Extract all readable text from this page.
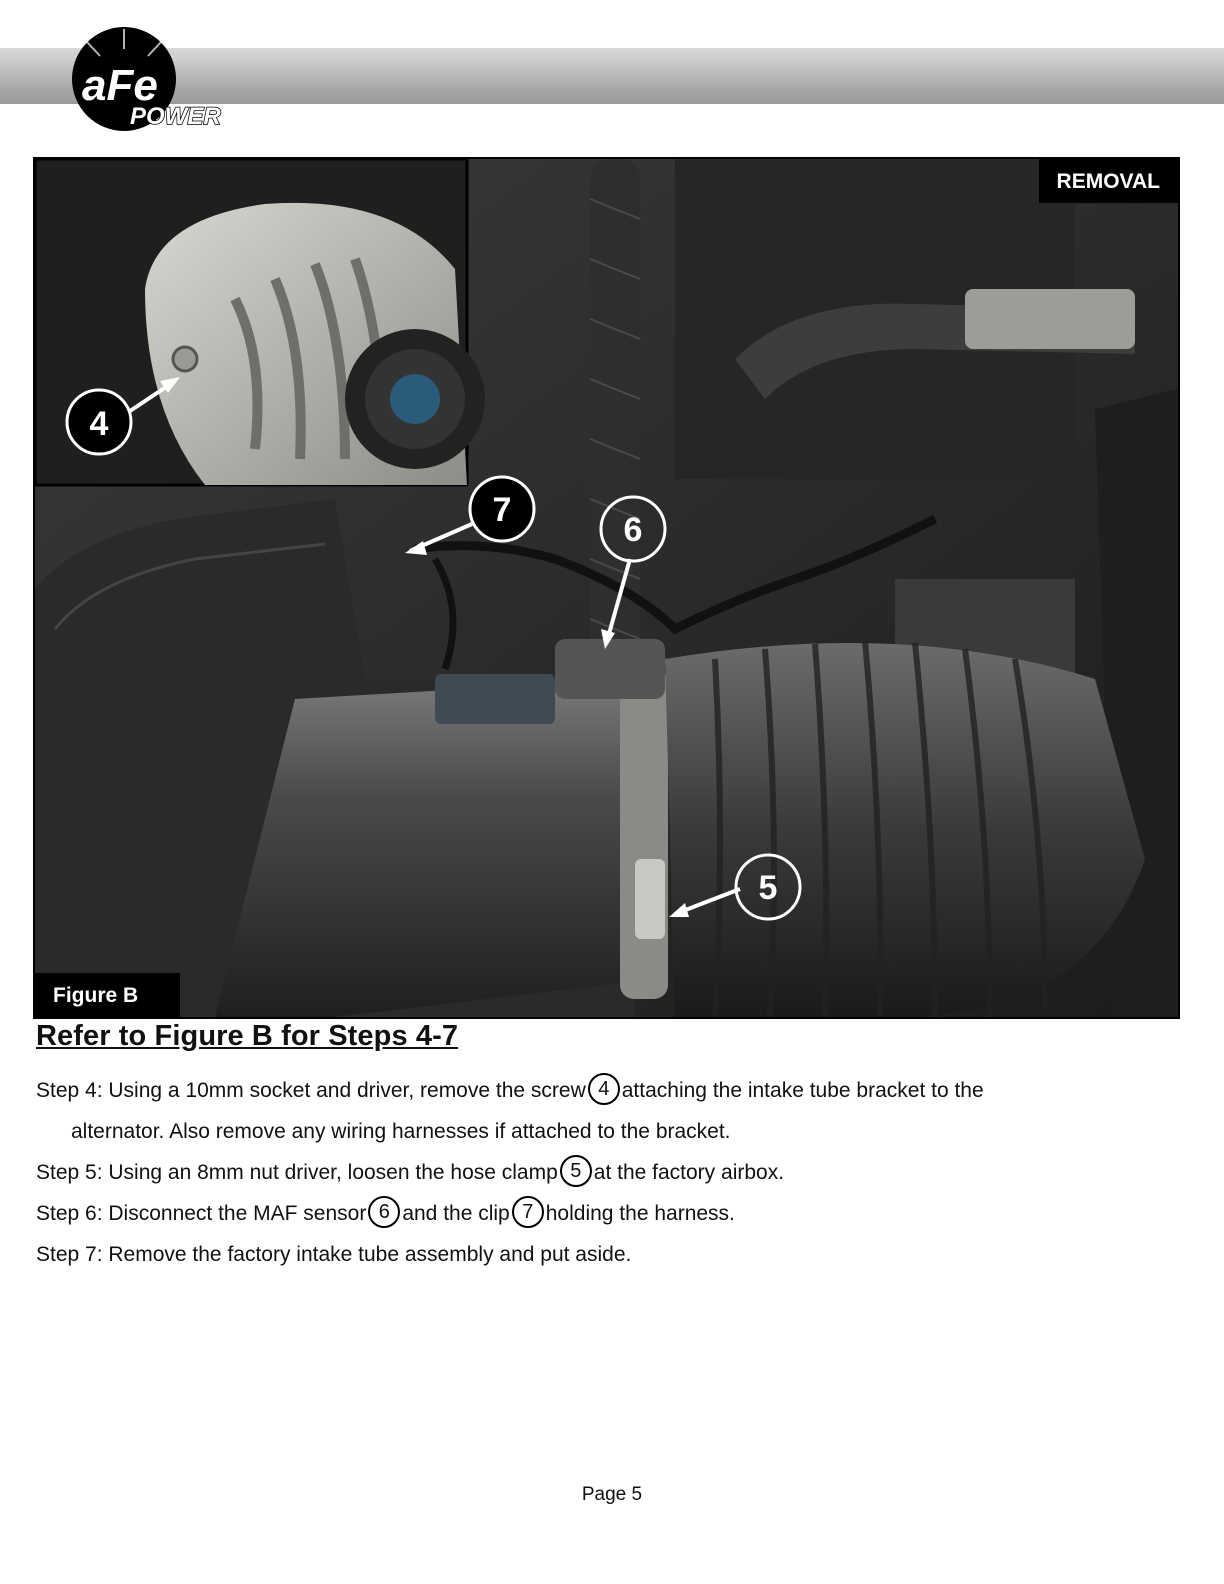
aFe
POWER
4
7
6
5
REMOVAL
Figure B
Refer to Figure B for Steps 4-7
Step 4: Using a 10mm socket and driver, remove the screw 4 attaching the intake tube bracket to the
alternator. Also remove any wiring harnesses if attached to the bracket.
Step 5: Using an 8mm nut driver, loosen the hose clamp 5 at the factory airbox.
Step 6: Disconnect the MAF sensor 6 and the clip 7 holding the harness.
Step 7: Remove the factory intake tube assembly and put aside.
Page 5
